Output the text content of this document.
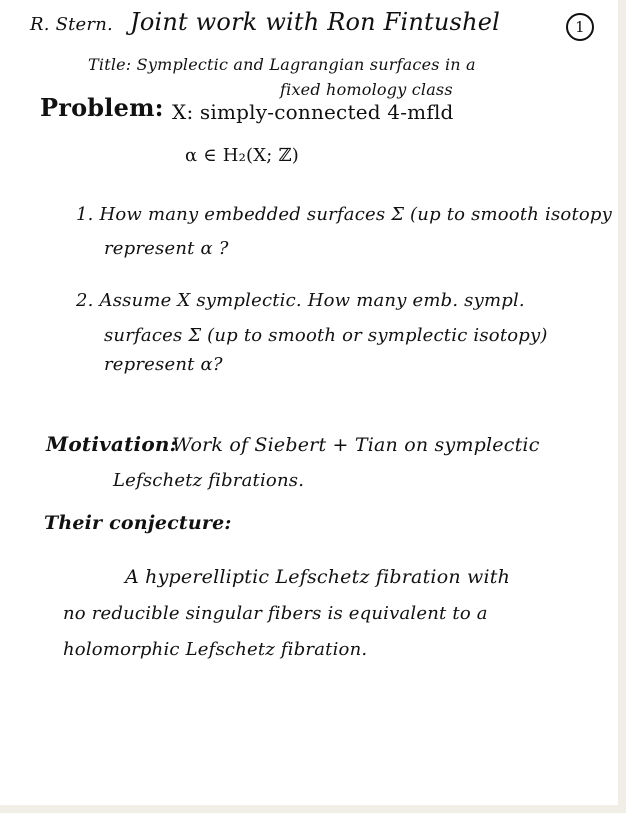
R. Stern. Joint work with Ron Fintushel	1
Title: Symplectic and Lagrangian surfaces in a
fixed homology class
Problem: X: simply-connected 4-mfld
α ∈ H₂(X; ℤ)
1. How many embedded surfaces Σ (up to smooth isotopy
represent α ?
2. Assume X symplectic. How many emb. sympl.
surfaces Σ (up to smooth or symplectic isotopy)
represent α?
Motivation:
Work of Siebert + Tian on symplectic
Lefschetz fibrations.
Their conjecture:
A hyperelliptic Lefschetz fibration with
no reducible singular fibers is equivalent to a
holomorphic Lefschetz fibration.
